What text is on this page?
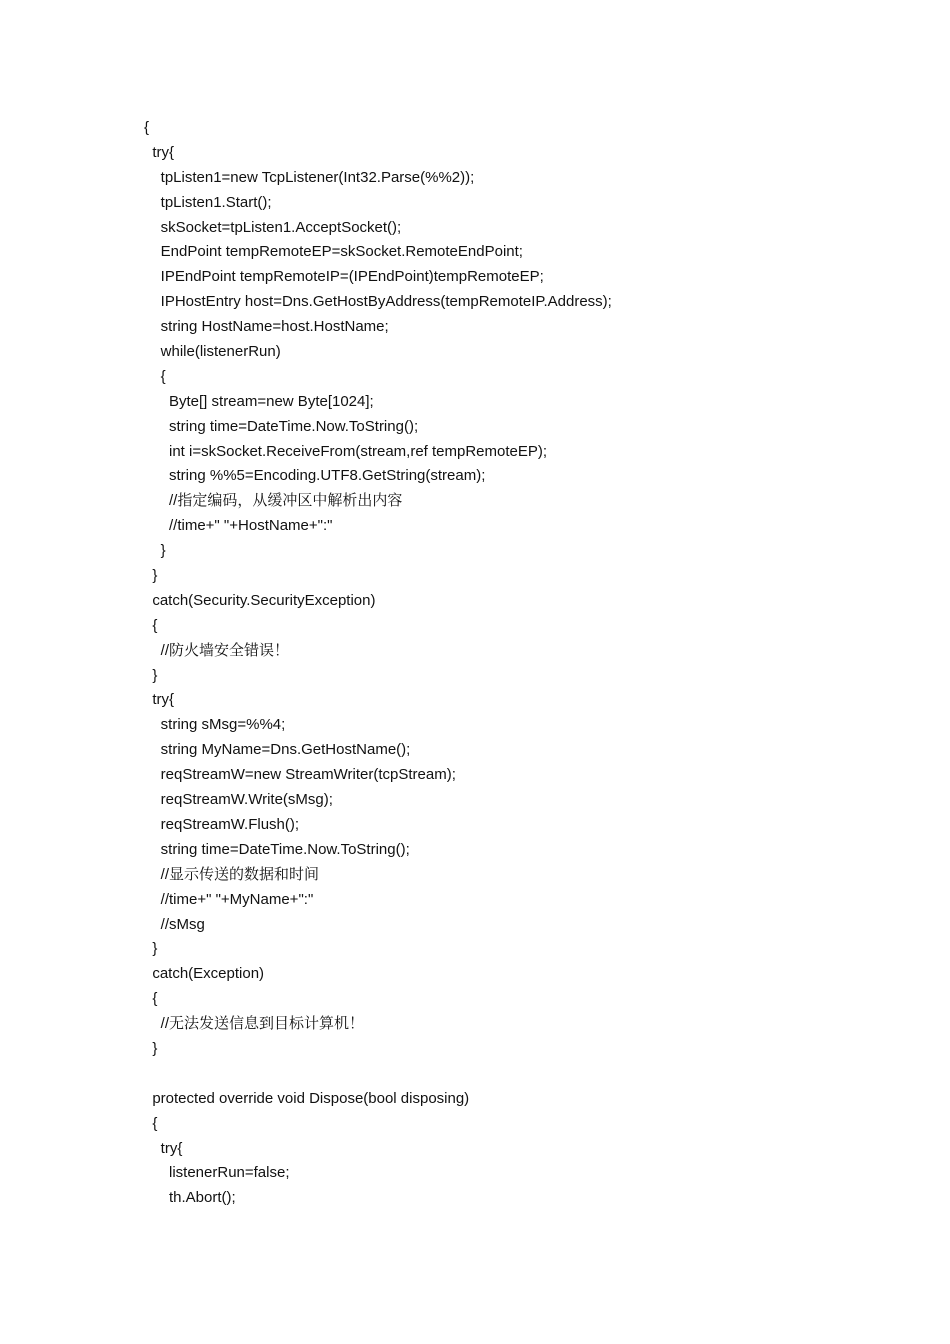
{
try{
tpListen1=new TcpListener(Int32.Parse(%%2));
tpListen1.Start();
skSocket=tpListen1.AcceptSocket();
EndPoint tempRemoteEP=skSocket.RemoteEndPoint;
IPEndPoint tempRemoteIP=(IPEndPoint)tempRemoteEP;
IPHostEntry host=Dns.GetHostByAddress(tempRemoteIP.Address);
string HostName=host.HostName;
while(listenerRun)
{
Byte[] stream=new Byte[1024];
string time=DateTime.Now.ToString();
int i=skSocket.ReceiveFrom(stream,ref tempRemoteEP);
string %%5=Encoding.UTF8.GetString(stream);
//指定编码，从缓冲区中解析出内容
//time+" "+HostName+":"
}
}
catch(Security.SecurityException)
{
//防火墙安全错误！
}
try{
string sMsg=%%4;
string MyName=Dns.GetHostName();
reqStreamW=new StreamWriter(tcpStream);
reqStreamW.Write(sMsg);
reqStreamW.Flush();
string time=DateTime.Now.ToString();
//显示传送的数据和时间
//time+" "+MyName+":"
//sMsg
}
catch(Exception)
{
//无法发送信息到目标计算机！
}
protected override void Dispose(bool disposing)
{
try{
listenerRun=false;
th.Abort();
